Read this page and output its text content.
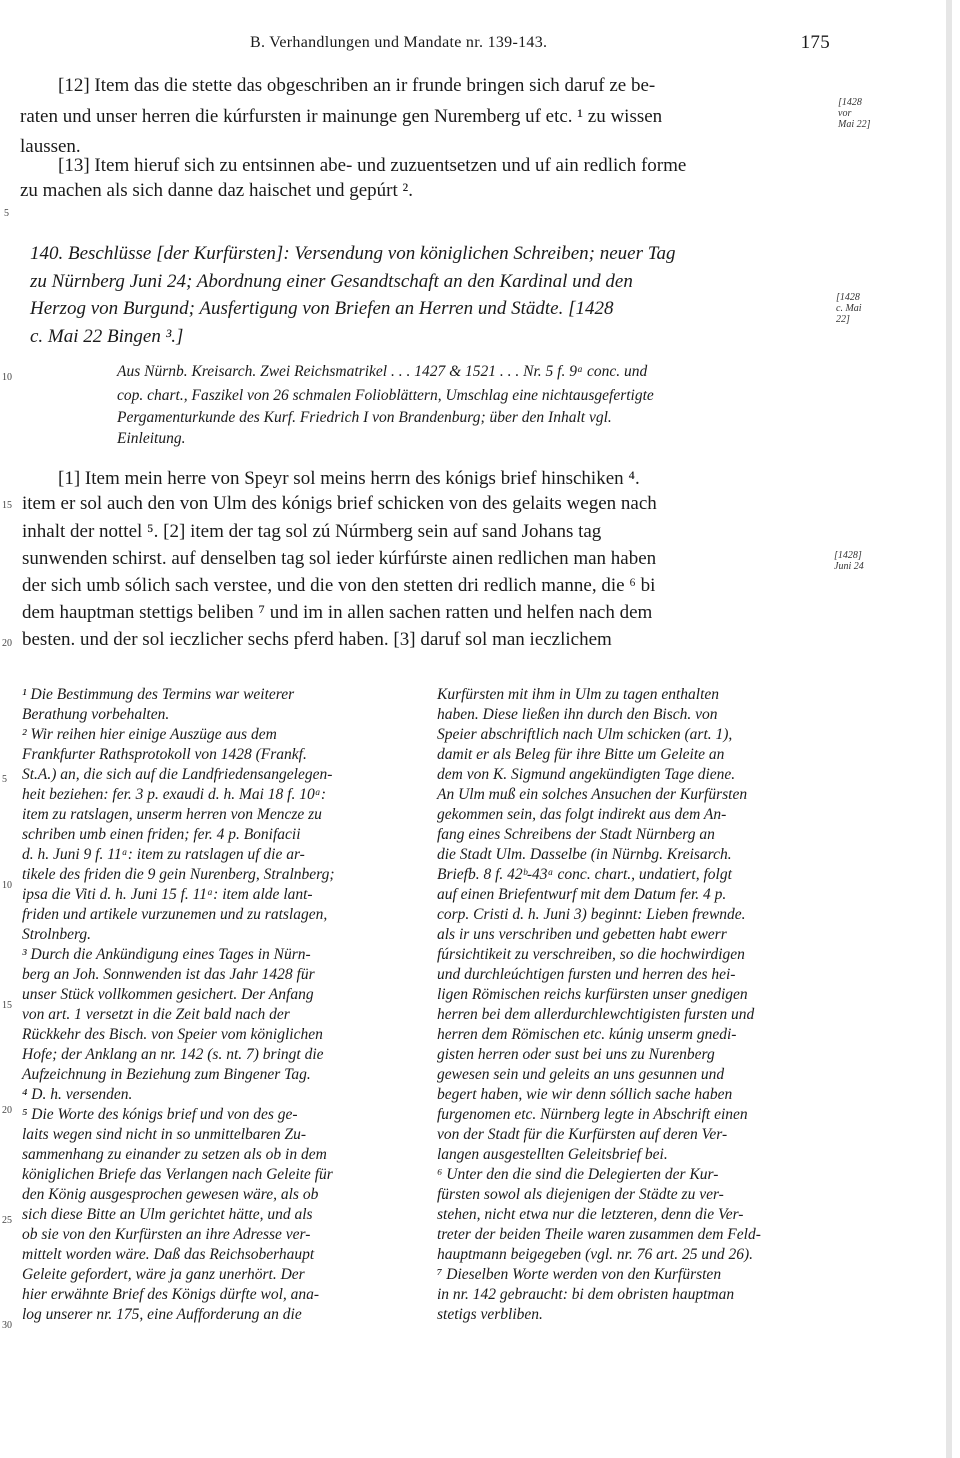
B. Verhandlungen und Mandate nr. 139-143.	175
[12] Item das die stette das obgeschriben an ir frunde bringen sich daruf ze be-
raten und unser herren die kúrfursten ir mainunge gen Nuremberg uf etc. ¹ zu wissen
laussen.
[13] Item hieruf sich zu entsinnen abe- und zuzuentsetzen und uf ain redlich forme
zu machen als sich danne daz haischet und gepúrt ².
140. Beschlüsse [der Kurfürsten]: Versendung von königlichen Schreiben; neuer Tag
zu Nürnberg Juni 24; Abordnung einer Gesandtschaft an den Kardinal und den
Herzog von Burgund; Ausfertigung von Briefen an Herren und Städte. [1428
c. Mai 22 Bingen ³.]
Aus Nürnb. Kreisarch. Zwei Reichsmatrikel . . . 1427 & 1521 . . . Nr. 5 f. 9ᵃ conc. und
cop. chart., Faszikel von 26 schmalen Folioblättern, Umschlag eine nichtausgefertigte
Pergamenturkunde des Kurf. Friedrich I von Brandenburg; über den Inhalt vgl.
Einleitung.
[1] Item mein herre von Speyr sol meins herrn des kónigs brief hinschiken ⁴.
item er sol auch den von Ulm des kónigs brief schicken von des gelaits wegen nach
inhalt der nottel ⁵. [2] item der tag sol zú Núrmberg sein auf sand Johans tag
sunwenden schirst. auf denselben tag sol ieder kúrfúrste ainen redlichen man haben
der sich umb sólich sach verstee, und die von den stetten dri redlich manne, die ⁶ bi
dem hauptman stettigs beliben ⁷ und im in allen sachen ratten und helfen nach dem
besten. und der sol ieczlicher sechs pferd haben. [3] daruf sol man ieczlichem

[1428
vor
Mai 22]

[1428
c. Mai
22]

[1428]
Juni 24

5
10
15
20
5
10
15
20
25
30
¹ Die Bestimmung des Termins war weiterer
Berathung vorbehalten.
² Wir reihen hier einige Auszüge aus dem
Frankfurter Rathsprotokoll von 1428 (Frankf.
St.A.) an, die sich auf die Landfriedensangelegen-
heit beziehen: fer. 3 p. exaudi d. h. Mai 18 f. 10ᵃ:
item zu ratslagen, unserm herren von Mencze zu
schriben umb einen friden; fer. 4 p. Bonifacii
d. h. Juni 9 f. 11ᵃ: item zu ratslagen uf die ar-
tikele des friden die 9 gein Nurenberg, Stralnberg;
ipsa die Viti d. h. Juni 15 f. 11ᵃ: item alde lant-
friden und artikele vurzunemen und zu ratslagen,
Strolnberg.
³ Durch die Ankündigung eines Tages in Nürn-
berg an Joh. Sonnwenden ist das Jahr 1428 für
unser Stück vollkommen gesichert. Der Anfang
von art. 1 versetzt in die Zeit bald nach der
Rückkehr des Bisch. von Speier vom königlichen
Hofe; der Anklang an nr. 142 (s. nt. 7) bringt die
Aufzeichnung in Beziehung zum Bingener Tag.
⁴ D. h. versenden.
⁵ Die Worte des kónigs brief und von des ge-
laits wegen sind nicht in so unmittelbaren Zu-
sammenhang zu einander zu setzen als ob in dem
königlichen Briefe das Verlangen nach Geleite für
den König ausgesprochen gewesen wäre, als ob
sich diese Bitte an Ulm gerichtet hätte, und als
ob sie von den Kurfürsten an ihre Adresse ver-
mittelt worden wäre. Daß das Reichsoberhaupt
Geleite gefordert, wäre ja ganz unerhört. Der
hier erwähnte Brief des Königs dürfte wol, ana-
log unserer nr. 175, eine Aufforderung an die
Kurfürsten mit ihm in Ulm zu tagen enthalten
haben. Diese ließen ihn durch den Bisch. von
Speier abschriftlich nach Ulm schicken (art. 1),
damit er als Beleg für ihre Bitte um Geleite an
dem von K. Sigmund angekündigten Tage diene.
An Ulm muß ein solches Ansuchen der Kurfürsten
gekommen sein, das folgt indirekt aus dem An-
fang eines Schreibens der Stadt Nürnberg an
die Stadt Ulm. Dasselbe (in Nürnbg. Kreisarch.
Briefb. 8 f. 42ᵇ-43ᵃ conc. chart., undatiert, folgt
auf einen Briefentwurf mit dem Datum fer. 4 p.
corp. Cristi d. h. Juni 3) beginnt: Lieben frewnde.
als ir uns verschriben und gebetten habt ewerr
fúrsichtikeit zu verschreiben, so die hochwirdigen
und durchleúchtigen fursten und herren des hei-
ligen Römischen reichs kurfürsten unser gnedigen
herren bei dem allerdurchlewchtigisten fursten und
herren dem Römischen etc. kúnig unserm gnedi-
gisten herren oder sust bei uns zu Nurenberg
gewesen sein und geleits an uns gesunnen und
begert haben, wie wir denn sóllich sache haben
furgenomen etc. Nürnberg legte in Abschrift einen
von der Stadt für die Kurfürsten auf deren Ver-
langen ausgestellten Geleitsbrief bei.
⁶ Unter den die sind die Delegierten der Kur-
fürsten sowol als diejenigen der Städte zu ver-
stehen, nicht etwa nur die letzteren, denn die Ver-
treter der beiden Theile waren zusammen dem Feld-
hauptmann beigegeben (vgl. nr. 76 art. 25 und 26).
⁷ Dieselben Worte werden von den Kurfürsten
in nr. 142 gebraucht: bi dem obristen hauptman
stetigs verbliben.
